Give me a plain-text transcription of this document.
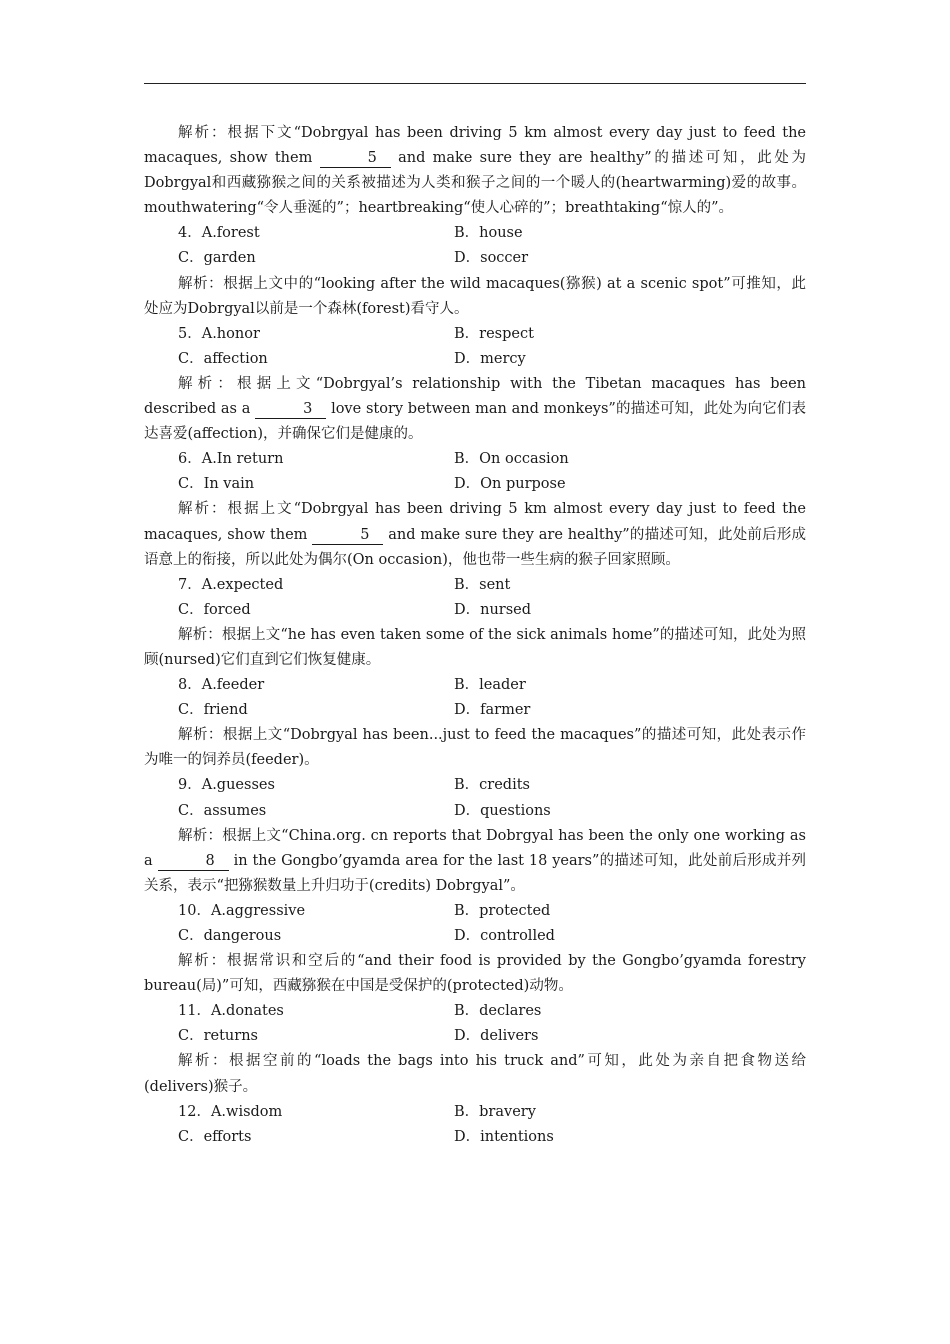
解析：根据下文“Dobrgyal has been driving 5 km almost every day just to feed the macaques, show them	5 and make sure they are healthy”的描述可知，此处为Dobrgyal和西藏猕猴之间的关系被描述为人类和猴子之间的一个暖人的(heartwarming)爱的故事。mouthwatering“令人垂涎的”；heartbreaking“使人心碎的”；breathtaking“惊人的”。

4．A.forest	B．house
C．garden	D．soccer

解析：根据上文中的“looking after the wild macaques(猕猴) at a scenic spot”可推知，此处应为Dobrgyal以前是一个森林(forest)看守人。

5．A.honor	B．respect
C．affection	D．mercy

解析：根据上文“Dobrgyal’s relationship with the Tibetan macaques has been described as a	3 love story between man and monkeys”的描述可知，此处为向它们表达喜爱(affection)，并确保它们是健康的。

6．A.In return	B．On occasion
C．In vain	D．On purpose

解析：根据上文“Dobrgyal has been driving 5 km almost every day just to feed the macaques, show them	5 and make sure they are healthy”的描述可知，此处前后形成语意上的衔接，所以此处为偶尔(On occasion)，他也带一些生病的猴子回家照顾。

7．A.expected	B．sent
C．forced	D．nursed

解析：根据上文“he has even taken some of the sick animals home”的描述可知，此处为照顾(nursed)它们直到它们恢复健康。

8．A.feeder	B．leader
C．friend	D．farmer

解析：根据上文“Dobrgyal has been...just to feed the macaques”的描述可知，此处表示作为唯一的饲养员(feeder)。

9．A.guesses	B．credits
C．assumes	D．questions

解析：根据上文“China.org. cn reports that Dobrgyal has been the only one working as a	8 in the Gongbo’gyamda area for the last 18 years”的描述可知，此处前后形成并列关系，表示“把猕猴数量上升归功于(credits) Dobrgyal”。

10．A.aggressive	B．protected
C．dangerous	D．controlled

解析：根据常识和空后的“and their food is provided by the Gongbo’gyamda forestry bureau(局)”可知，西藏猕猴在中国是受保护的(protected)动物。

11．A.donates	B．declares
C．returns	D．delivers

解析：根据空前的“loads the bags into his truck and”可知，此处为亲自把食物送给(delivers)猴子。

12．A.wisdom	B．bravery
C．efforts	D．intentions
